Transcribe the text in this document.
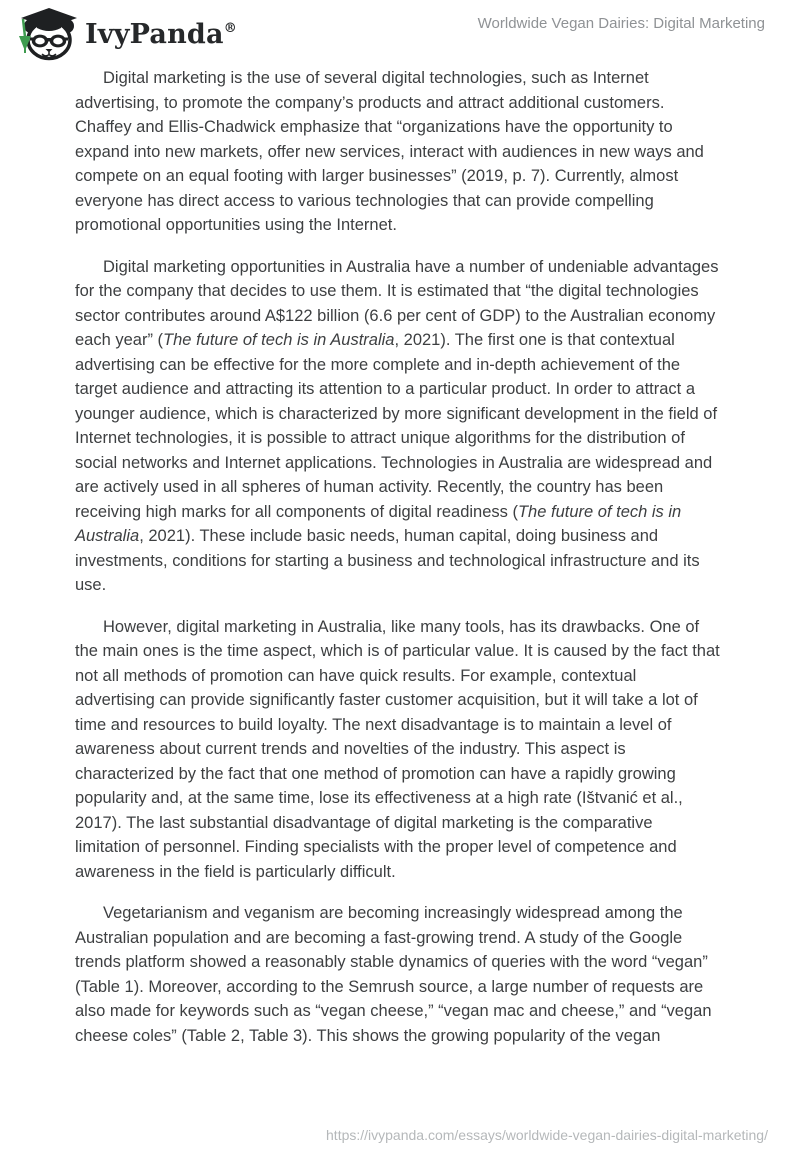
IvyPanda®	Worldwide Vegan Dairies: Digital Marketing

Digital marketing is the use of several digital technologies, such as Internet advertising, to promote the company’s products and attract additional customers. Chaffey and Ellis-Chadwick emphasize that “organizations have the opportunity to expand into new markets, offer new services, interact with audiences in new ways and compete on an equal footing with larger businesses” (2019, p. 7). Currently, almost everyone has direct access to various technologies that can provide compelling promotional opportunities using the Internet.

Digital marketing opportunities in Australia have a number of undeniable advantages for the company that decides to use them. It is estimated that “the digital technologies sector contributes around A$122 billion (6.6 per cent of GDP) to the Australian economy each year” (The future of tech is in Australia, 2021). The first one is that contextual advertising can be effective for the more complete and in-depth achievement of the target audience and attracting its attention to a particular product. In order to attract a younger audience, which is characterized by more significant development in the field of Internet technologies, it is possible to attract unique algorithms for the distribution of social networks and Internet applications. Technologies in Australia are widespread and are actively used in all spheres of human activity. Recently, the country has been receiving high marks for all components of digital readiness (The future of tech is in Australia, 2021). These include basic needs, human capital, doing business and investments, conditions for starting a business and technological infrastructure and its use.

However, digital marketing in Australia, like many tools, has its drawbacks. One of the main ones is the time aspect, which is of particular value. It is caused by the fact that not all methods of promotion can have quick results. For example, contextual advertising can provide significantly faster customer acquisition, but it will take a lot of time and resources to build loyalty. The next disadvantage is to maintain a level of awareness about current trends and novelties of the industry. This aspect is characterized by the fact that one method of promotion can have a rapidly growing popularity and, at the same time, lose its effectiveness at a high rate (Ištvanić et al., 2017). The last substantial disadvantage of digital marketing is the comparative limitation of personnel. Finding specialists with the proper level of competence and awareness in the field is particularly difficult.

Vegetarianism and veganism are becoming increasingly widespread among the Australian population and are becoming a fast-growing trend. A study of the Google trends platform showed a reasonably stable dynamics of queries with the word “vegan” (Table 1). Moreover, according to the Semrush source, a large number of requests are also made for keywords such as “vegan cheese,” “vegan mac and cheese,” and “vegan cheese coles” (Table 2, Table 3). This shows the growing popularity of the vegan

https://ivypanda.com/essays/worldwide-vegan-dairies-digital-marketing/
